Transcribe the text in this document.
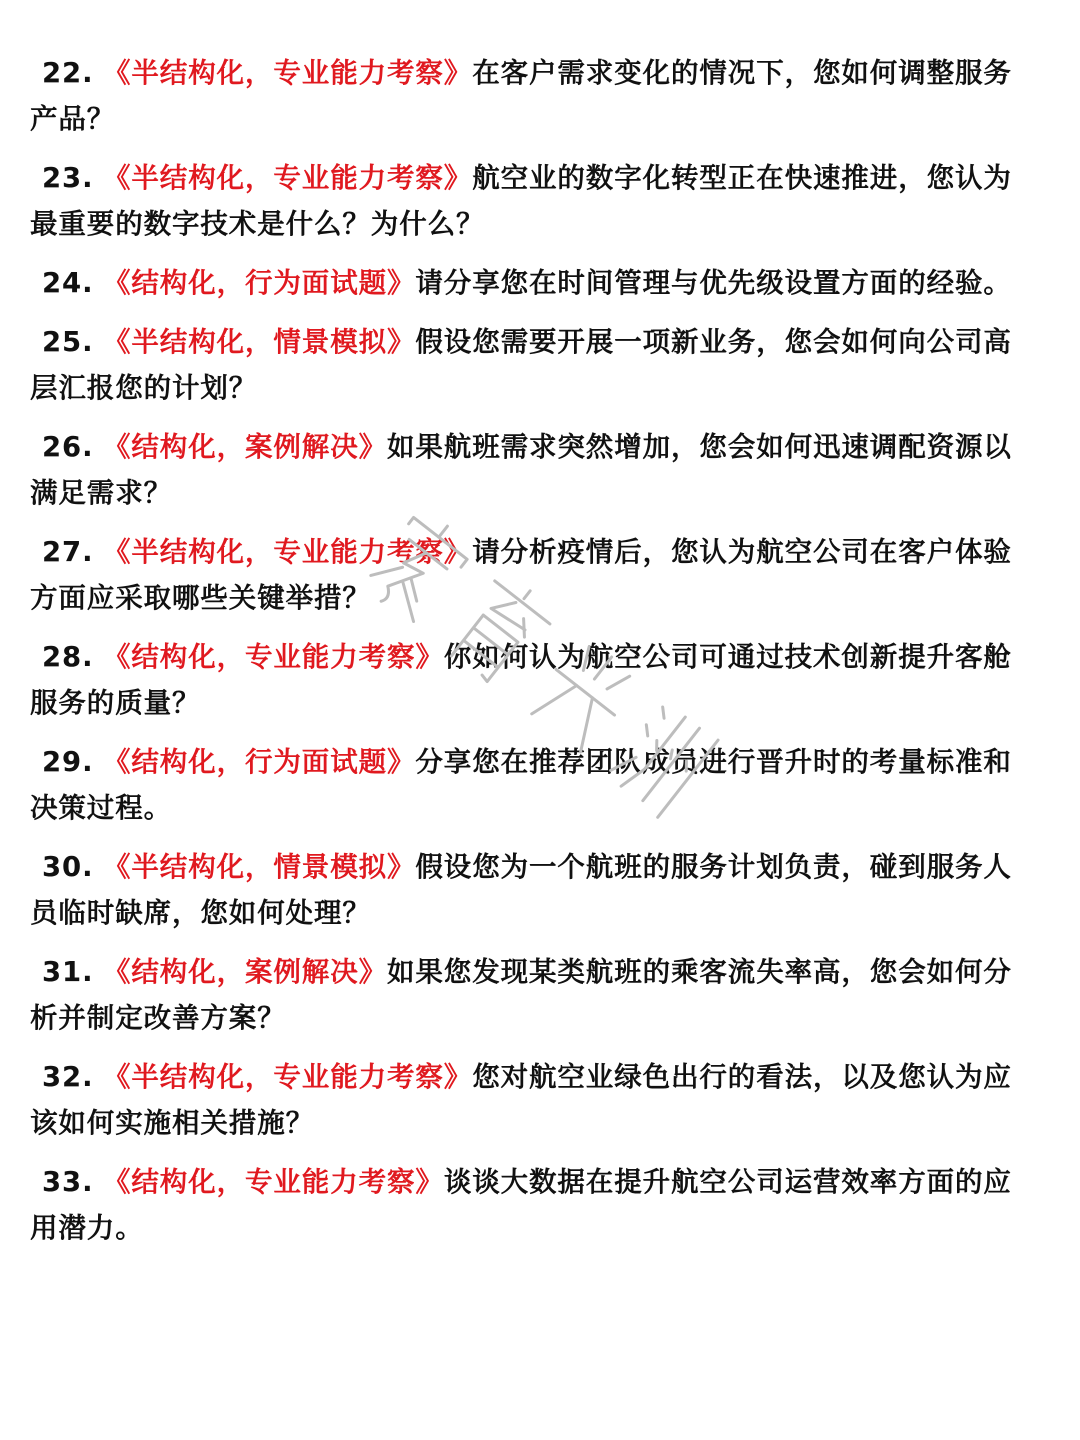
22. 《半结构化，专业能力考察》在客户需求变化的情况下，您如何调整服务产品？
23. 《半结构化，专业能力考察》航空业的数字化转型正在快速推进，您认为最重要的数字技术是什么？为什么？
24. 《结构化，行为面试题》请分享您在时间管理与优先级设置方面的经验。
25. 《半结构化，情景模拟》假设您需要开展一项新业务，您会如何向公司高层汇报您的计划？
26. 《结构化，案例解决》如果航班需求突然增加，您会如何迅速调配资源以满足需求？
27. 《半结构化，专业能力考察》请分析疫情后，您认为航空公司在客户体验方面应采取哪些关键举措？
28. 《结构化，专业能力考察》你如何认为航空公司可通过技术创新提升客舱服务的质量？
29. 《结构化，行为面试题》分享您在推荐团队成员进行晋升时的考量标准和决策过程。
30. 《半结构化，情景模拟》假设您为一个航班的服务计划负责，碰到服务人员临时缺席，您如何处理？
31. 《结构化，案例解决》如果您发现某类航班的乘客流失率高，您会如何分析并制定改善方案？
32. 《半结构化，专业能力考察》您对航空业绿色出行的看法，以及您认为应该如何实施相关措施？
33. 《结构化，专业能力考察》谈谈大数据在提升航空公司运营效率方面的应用潜力。
